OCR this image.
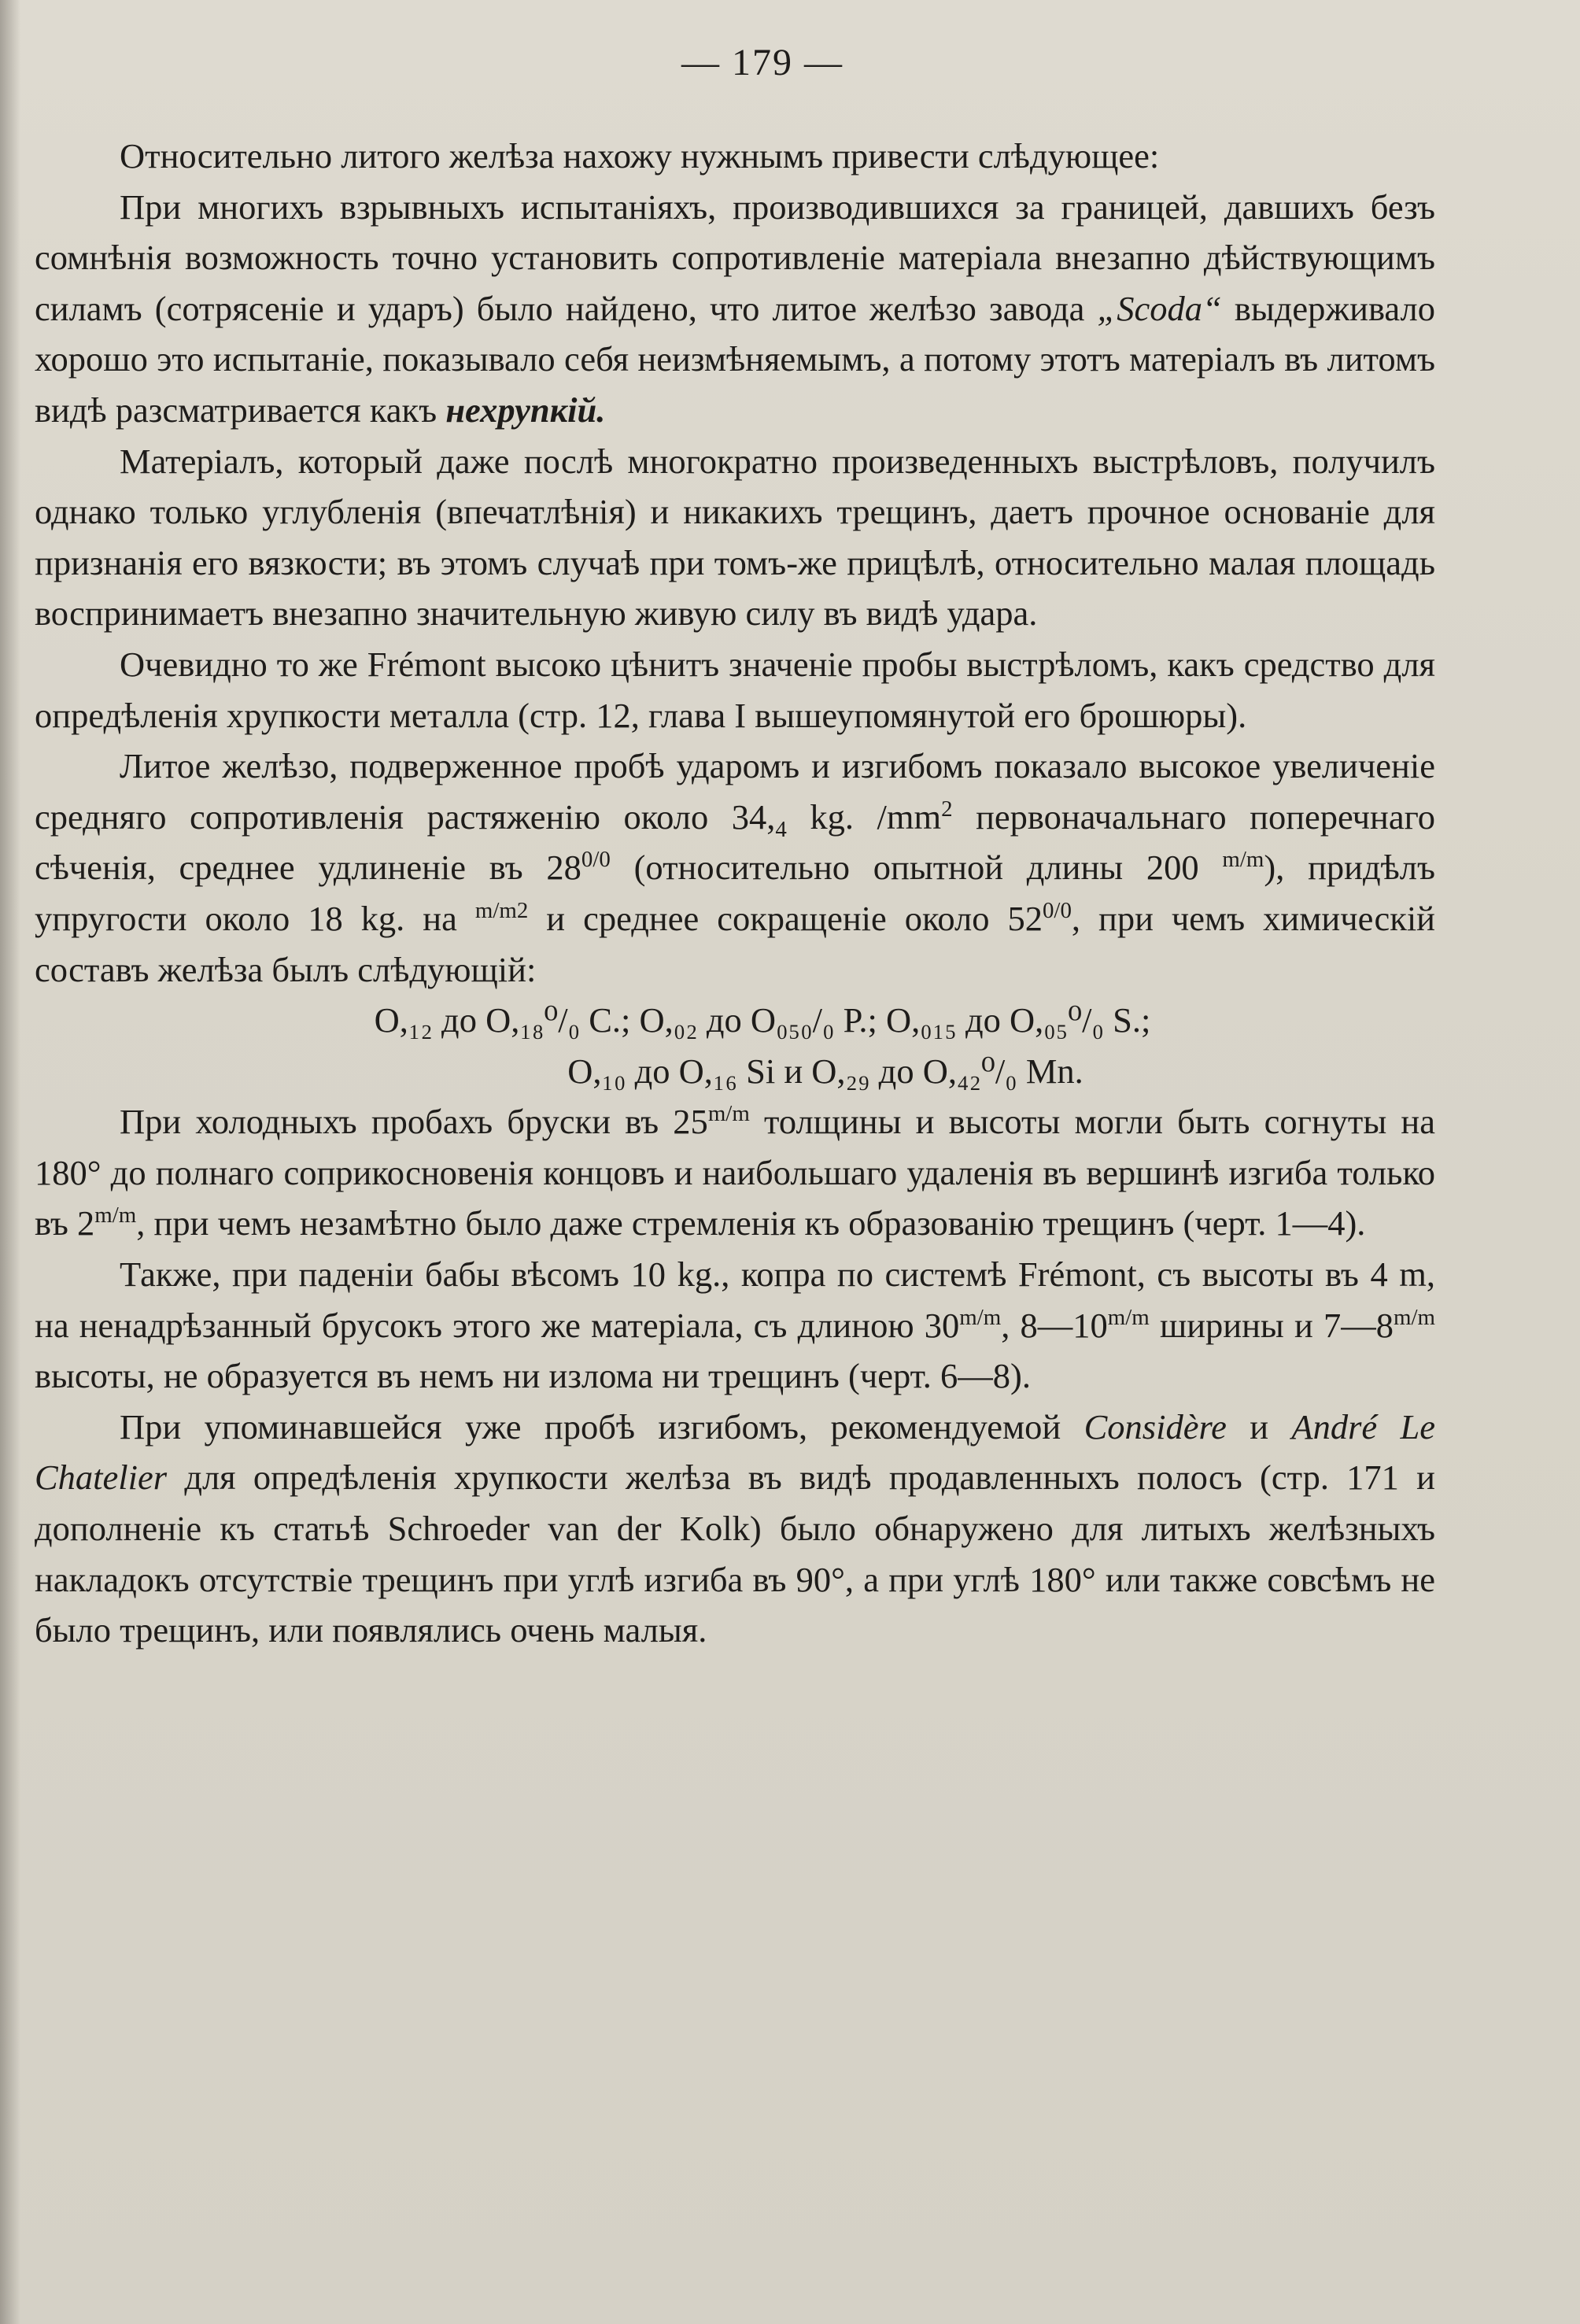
— 179 —

Относительно литого желѣза нахожу нужнымъ привести слѣдующее:

При многихъ взрывныхъ испытаніяхъ, производившихся за границей, давшихъ безъ сомнѣнія возможность точно установить сопротивленіе матеріала внезапно дѣйствующимъ силамъ (сотрясеніе и ударъ) было найдено, что литое желѣзо завода „Scoda“ выдерживало хорошо это испытаніе, показывало себя неизмѣняемымъ, а потому этотъ матеріалъ въ литомъ видѣ разсматривается какъ нехрупкій.

Матеріалъ, который даже послѣ многократно произведенныхъ выстрѣловъ, получилъ однако только углубленія (впечатлѣнія) и никакихъ трещинъ, даетъ прочное основаніе для признанія его вязкости; въ этомъ случаѣ при томъ-же прицѣлѣ, относительно малая площадь воспринимаетъ внезапно значительную живую силу въ видѣ удара.

Очевидно то же Frémont высоко цѣнитъ значеніе пробы выстрѣломъ, какъ средство для опредѣленія хрупкости металла (стр. 12, глава I вышеупомянутой его брошюры).

Литое желѣзо, подверженное пробѣ ударомъ и изгибомъ показало высокое увеличеніе средняго сопротивленія растяженію около $34,_4$ kg. $/mm^2$ первоначальнаго поперечнаго сѣченія, среднее удлиненіе въ $28^{0/0}$ (относительно опытной длины 200 $^{m/m}$), придѣлъ упругости около 18 kg. на $^{m/m2}$ и среднее сокращеніе около $52^{0/0}$, при чемъ химическій составъ желѣза былъ слѣдующій:

O,₁₂ до O,₁₈⁰/₀ C.; O,₀₂ до O₀₅₀/₀ P.; O,₀₁₅ до O,₀₅⁰/₀ S.;
O,₁₀ до O,₁₆ Si и O,₂₉ до O,₄₂⁰/₀ Mn.

При холодныхъ пробахъ бруски въ $25^{m/m}$ толщины и высоты могли быть согнуты на 180° до полнаго соприкосновенія концовъ и наибольшаго удаленія въ вершинѣ изгиба только въ $2^{m/m}$, при чемъ незамѣтно было даже стремленія къ образованію трещинъ (черт. 1—4).

Также, при паденіи бабы вѣсомъ 10 kg., копра по системѣ Frémont, съ высоты въ 4 m, на ненадрѣзанный брусокъ этого же матеріала, съ длиною $30^{m/m}$, $8—10^{m/m}$ ширины и $7—8^{m/m}$ высоты, не образуется въ немъ ни излома ни трещинъ (черт. 6—8).

При упоминавшейся уже пробѣ изгибомъ, рекомендуемой Considère и André Le Chatelier для опредѣленія хрупкости желѣза въ видѣ продавленныхъ полосъ (стр. 171 и дополненіе къ статьѣ Schroeder van der Kolk) было обнаружено для литыхъ желѣзныхъ накладокъ отсутствіе трещинъ при углѣ изгиба въ 90°, а при углѣ 180° или также совсѣмъ не было трещинъ, или появлялись очень малыя.
